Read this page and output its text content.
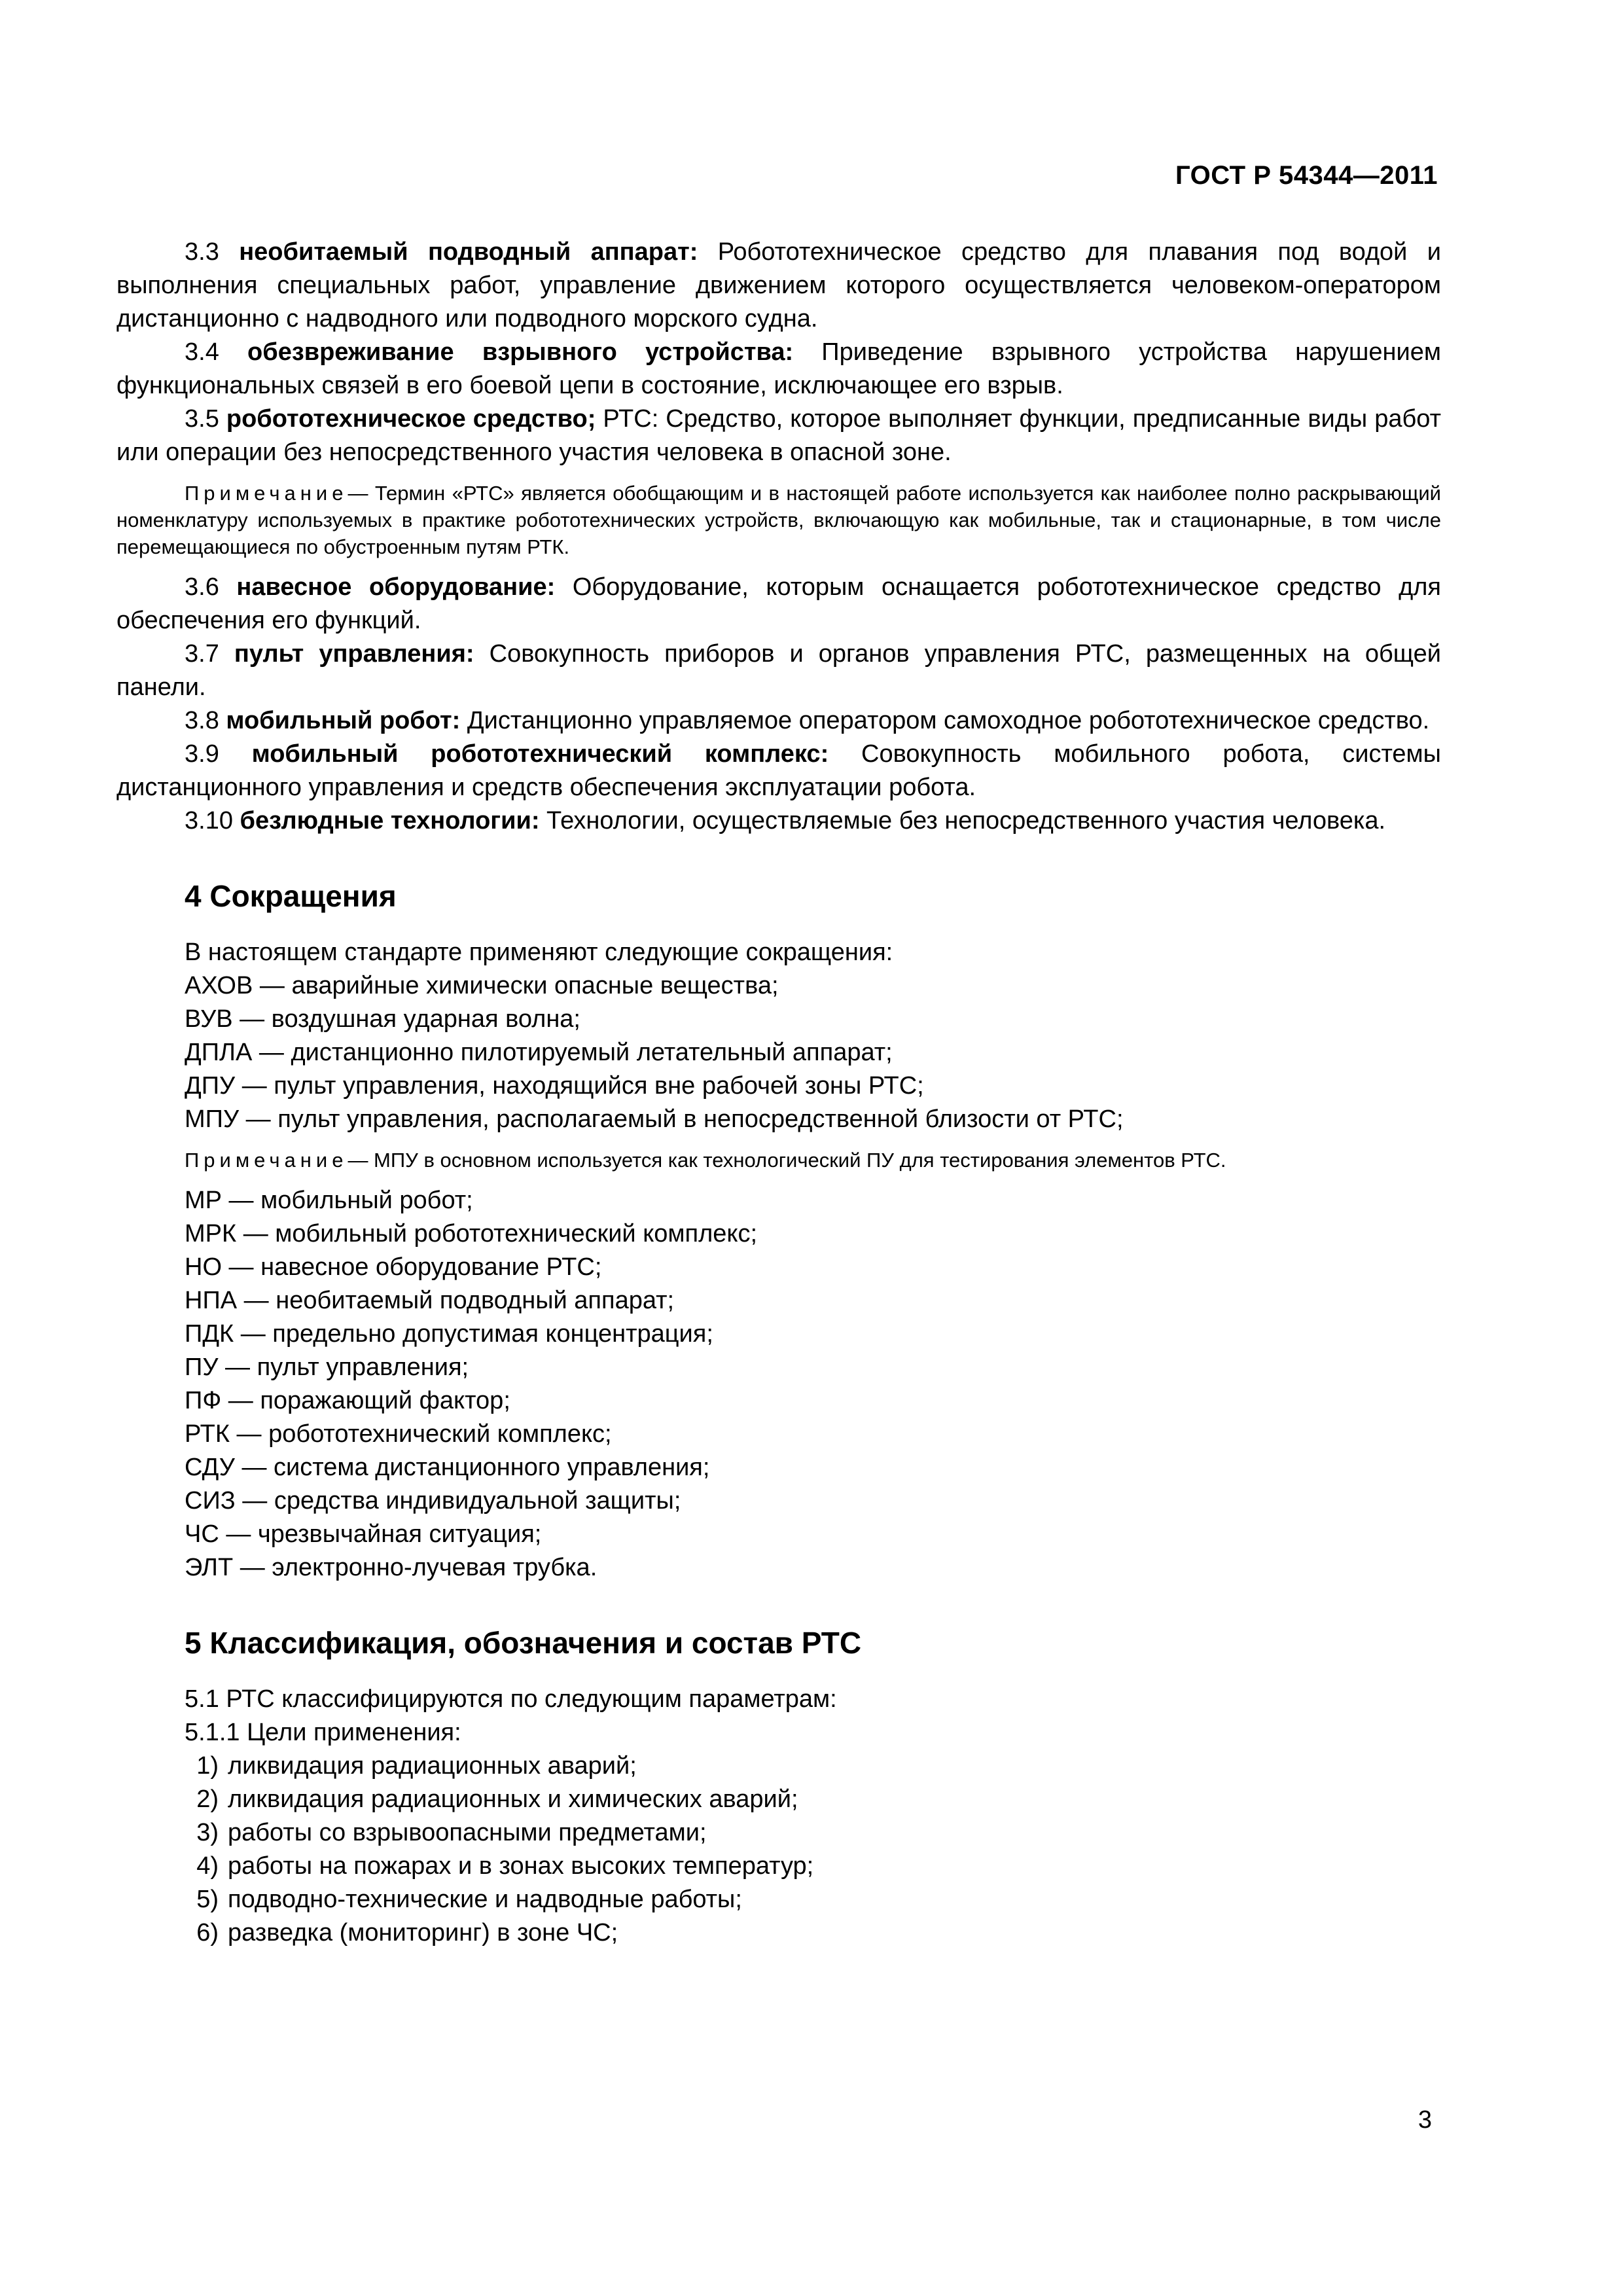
ГОСТ Р 54344—2011

3.3 необитаемый подводный аппарат: Робототехническое средство для плавания под водой и выполнения специальных работ, управление движением которого осуществляется человеком-оператором дистанционно с надводного или подводного морского судна.

3.4 обезвреживание взрывного устройства: Приведение взрывного устройства нарушением функциональных связей в его боевой цепи в состояние, исключающее его взрыв.

3.5 робототехническое средство; РТС: Средство, которое выполняет функции, предписанные виды работ или операции без непосредственного участия человека в опасной зоне.

Примечание— Термин «РТС» является обобщающим и в настоящей работе используется как наиболее полно раскрывающий номенклатуру используемых в практике робототехнических устройств, включающую как мобильные, так и стационарные, в том числе перемещающиеся по обустроенным путям РТК.

3.6 навесное оборудование: Оборудование, которым оснащается робототехническое средство для обеспечения его функций.

3.7 пульт управления: Совокупность приборов и органов управления РТС, размещенных на общей панели.

3.8 мобильный робот: Дистанционно управляемое оператором самоходное робототехническое средство.

3.9 мобильный робототехнический комплекс: Совокупность мобильного робота, системы дистанционного управления и средств обеспечения эксплуатации робота.

3.10 безлюдные технологии: Технологии, осуществляемые без непосредственного участия человека.

4 Сокращения

В настоящем стандарте применяют следующие сокращения:

АХОВ — аварийные химически опасные вещества;

ВУВ — воздушная ударная волна;

ДПЛА — дистанционно пилотируемый летательный аппарат;

ДПУ — пульт управления, находящийся вне рабочей зоны РТС;

МПУ — пульт управления, располагаемый в непосредственной близости от РТС;

Примечание— МПУ в основном используется как технологический ПУ для тестирования элементов РТС.

МР — мобильный робот;

МРК — мобильный робототехнический комплекс;

НО — навесное оборудование РТС;

НПА — необитаемый подводный аппарат;

ПДК — предельно допустимая концентрация;

ПУ — пульт управления;

ПФ — поражающий фактор;

РТК — робототехнический комплекс;

СДУ — система дистанционного управления;

СИЗ — средства индивидуальной защиты;

ЧС — чрезвычайная ситуация;

ЭЛТ — электронно-лучевая трубка.

5 Классификация, обозначения и состав РТС

5.1 РТС классифицируются по следующим параметрам:

5.1.1 Цели применения:

1) ликвидация радиационных аварий;

2) ликвидация радиационных и химических аварий;

3) работы со взрывоопасными предметами;

4) работы на пожарах и в зонах высоких температур;

5) подводно-технические и надводные работы;

6) разведка (мониторинг) в зоне ЧС;

3
